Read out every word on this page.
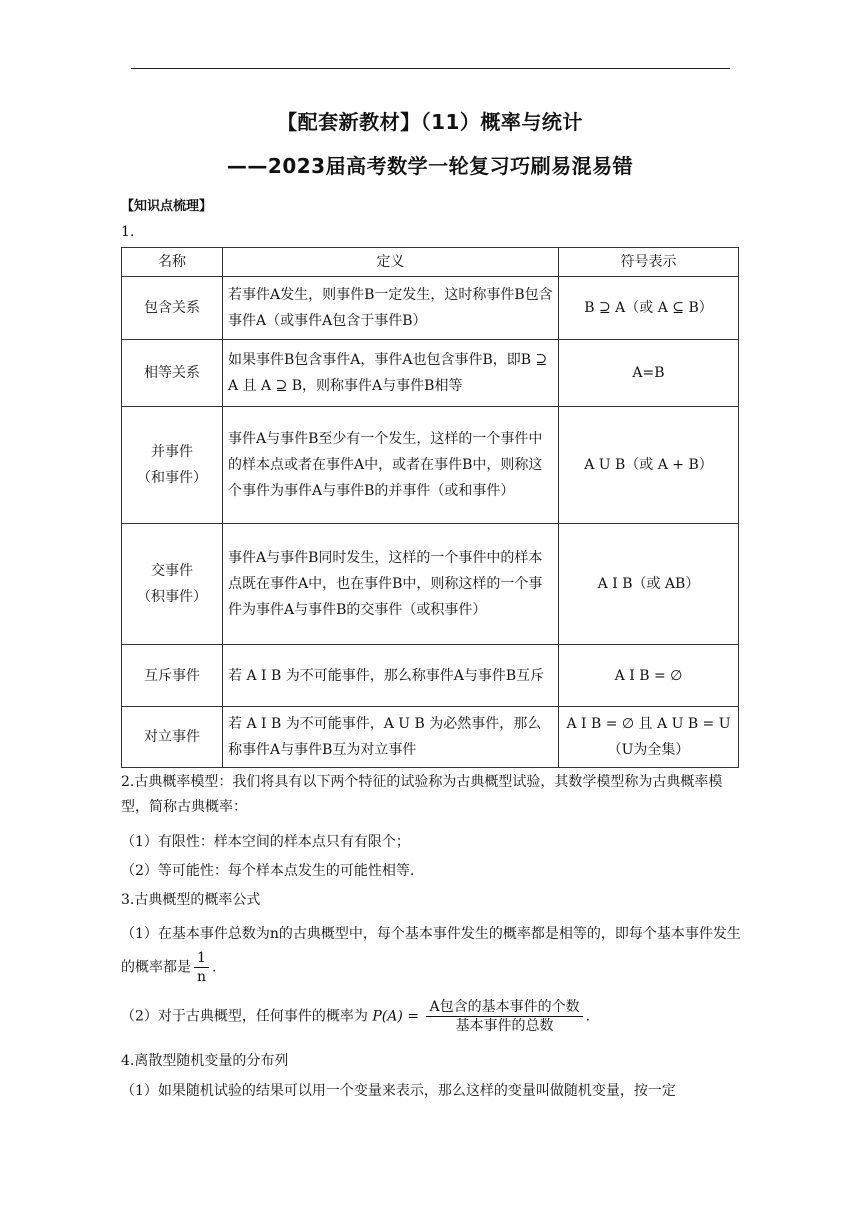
【配套新教材】（11）概率与统计
——2023届高考数学一轮复习巧刷易混易错
【知识点梳理】
1.
名称	定义	符号表示
包含关系	若事件A发生，则事件B一定发生，这时称事件B包含事件A（或事件A包含于事件B）	B ⊇ A（或 A ⊆ B）
相等关系	如果事件B包含事件A，事件A也包含事件B，即B ⊇ A 且 A ⊇ B，则称事件A与事件B相等	A=B

并事件
（和事件）	事件A与事件B至少有一个发生，这样的一个事件中的样本点或者在事件A中，或者在事件B中，则称这个事件为事件A与事件B的并事件（或和事件）	A U B（或 A + B）

交事件
（积事件）	事件A与事件B同时发生，这样的一个事件中的样本点既在事件A中，也在事件B中，则称这样的一个事件为事件A与事件B的交事件（或积事件）	A I B（或 AB）
互斥事件	若 A I B 为不可能事件，那么称事件A与事件B互斥	A I B = ∅
对立事件	若 A I B 为不可能事件，A U B 为必然事件，那么称事件A与事件B互为对立事件	A I B = ∅ 且 A U B = U
（U为全集）
2.古典概率模型：我们将具有以下两个特征的试验称为古典概型试验，其数学模型称为古典概率模型，简称古典概率：
（1）有限性：样本空间的样本点只有有限个；
（2）等可能性：每个样本点发生的可能性相等.
3.古典概型的概率公式
（1）在基本事件总数为n的古典概型中，每个基本事件发生的概率都是相等的，即每个基本事件发生的概率都是 $\frac{1}{n}$ .
（2）对于古典概型，任何事件的概率为 $P(A) = \frac{\text{A包含的基本事件的个数}}{\text{基本事件的总数}}$ .
4.离散型随机变量的分布列
（1）如果随机试验的结果可以用一个变量来表示，那么这样的变量叫做随机变量，按一定
